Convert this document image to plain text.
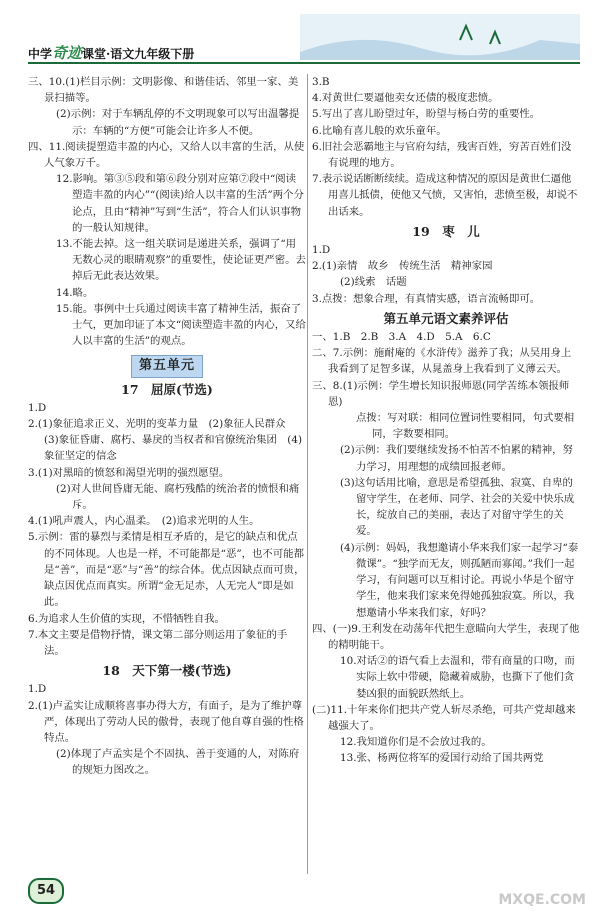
中学奇迹课堂·语文九年级下册

三、10.(1)栏目示例：文明影像、和谐佳话、邻里一家、美景扫描等。

(2)示例：对于车辆乱停的不文明现象可以写出温馨提示：车辆的“方便”可能会让许多人不便。

四、11.阅读提塑造丰盈的内心，又给人以丰富的生活，从使人气象万千。

12.影响。第③⑤段和第⑥段分别对应第⑦段中“阅读塑造丰盈的内心”“(阅读)给人以丰富的生活”两个分论点，且由“精神”写到“生活”，符合人们认识事物的一般认知规律。

13.不能去掉。这一组关联词是递进关系，强调了“用无数心灵的眼睛观察”的重要性，使论证更严密。去掉后无此表达效果。

14.略。

15.能。事例中士兵通过阅读丰富了精神生活，振奋了士气，更加印证了本文“阅读塑造丰盈的内心，又给人以丰富的生活”的观点。

第五单元

17　屈原(节选)

1.D

2.(1)象征追求正义、光明的变革力量　(2)象征人民群众　(3)象征昏庸、腐朽、暴戾的当权者和官僚统治集团　(4)象征坚定的信念

3.(1)对黑暗的愤怒和渴望光明的强烈愿望。

(2)对人世间昏庸无能、腐朽残酷的统治者的愤恨和痛斥。

4.(1)吼声震人，内心温柔。　(2)追求光明的人生。

5.示例：雷的暴烈与柔情是相互矛盾的，是它的缺点和优点的不同体现。人也是一样，不可能都是“恶”，也不可能都是“善”，而是“恶”与“善”的综合体。优点因缺点而可贵，缺点因优点而真实。所谓“金无足赤，人无完人”即是如此。

6.为追求人生价值的实现，不惜牺牲自我。

7.本文主要是借物抒情，课文第二部分则运用了象征的手法。

18　天下第一楼(节选)

1.D

2.(1)卢孟实让成顺将喜事办得大方，有面子，是为了维护尊严，体现出了劳动人民的傲骨，表现了他自尊自强的性格特点。

(2)体现了卢孟实是个不固执、善于变通的人，对陈府的规矩力图改之。

3.B

4.对黄世仁要逼他卖女还债的极度悲愤。

5.写出了喜儿盼望过年，盼望与杨白劳的重要性。

6.比喻有喜儿般的欢乐童年。

6.旧社会恶霸地主与官府勾结，残害百姓，穷苦百姓们没有说理的地方。

7.表示说话断断续续。造成这种情况的原因是黄世仁逼他用喜儿抵债，使他又气愤，又害怕，悲愤至极，却说不出话来。

19　枣　儿

1.D

2.(1)亲情　故乡　传统生活　精神家园

(2)线索　话题

3.点拨：想象合理，有真情实感，语言流畅即可。

第五单元语文素养评估

一、1.B　2.B　3.A　4.D　5.A　6.C

二、7.示例：施耐庵的《水浒传》滋养了我；从吴用身上我看到了足智多谋，从晁盖身上我看到了义薄云天。

三、8.(1)示例：学生增长知识报师恩(同学苦练本领报师恩)

点拨：写对联：相同位置词性要相同，句式要相同，字数要相同。

(2)示例：我们要继续发扬不怕苦不怕累的精神，努力学习，用理想的成绩回报老师。

(3)这句话用比喻，意思是希望孤独、寂寞、自卑的留守学生，在老师、同学、社会的关爱中快乐成长，绽放自己的美丽，表达了对留守学生的关爱。

(4)示例：妈妈，我想邀请小华来我们家一起学习“泰微课”。“独学而无友，则孤陋而寡闻。”我们一起学习，有问题可以互相讨论。再说小华是个留守学生，他来我们家来免得她孤独寂寞。所以，我想邀请小华来我们家，好吗？

四、(一)9.王利发在动荡年代把生意瞄向大学生，表现了他的精明能干。

10.对话②的语气看上去温和，带有商量的口吻，而实际上软中带硬，隐藏着威胁，也撕下了他们贪婪凶狠的面貌跃然纸上。

(二)11.十年来你们把共产党人斩尽杀绝，可共产党却越来越强大了。

12.我知道你们是不会放过我的。

13.张、杨两位将军的爱国行动给了国共两党

54
MXQE.COM
